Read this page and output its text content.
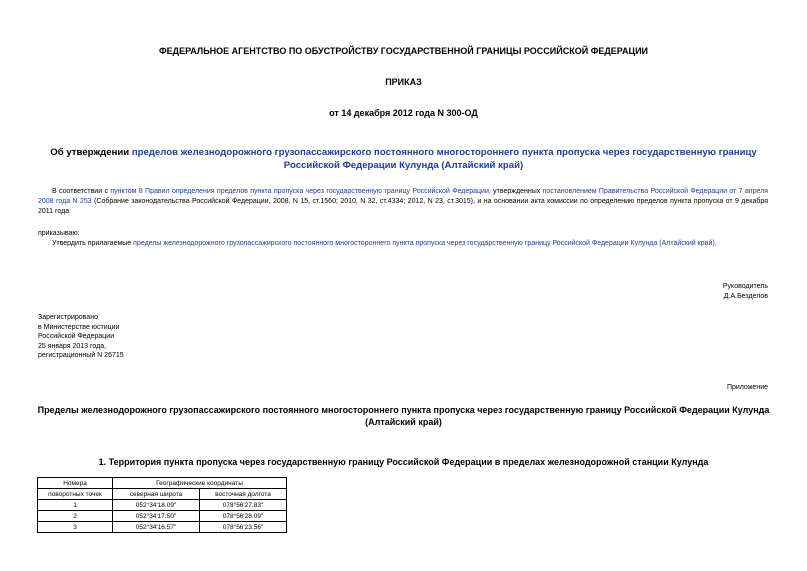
ФЕДЕРАЛЬНОЕ АГЕНТСТВО ПО ОБУСТРОЙСТВУ ГОСУДАРСТВЕННОЙ ГРАНИЦЫ РОССИЙСКОЙ ФЕДЕРАЦИИ
ПРИКАЗ
от 14 декабря 2012 года N 300-ОД
Об утверждении пределов железнодорожного грузопассажирского постоянного многостороннего пункта пропуска через государственную границу Российской Федерации Кулунда (Алтайский край)
В соответствии с пунктом 8 Правил определения пределов пункта пропуска через государственную границу Российской Федерации, утвержденных постановлением Правительства Российской Федерации от 7 апреля 2008 года N 253 (Собрание законодательства Российской Федерации, 2008, N 15, ст.1560; 2010, N 32, ст.4334; 2012, N 23, ст.3015), и на основании акта комиссии по определению пределов пункта пропуска от 9 декабря 2011 года
приказываю:
Утвердить прилагаемые пределы железнодорожного грузопассажирского постоянного многостороннего пункта пропуска через государственную границу Российской Федерации Кулунда (Алтайский край).
Руководитель
Д.А.Безделов
Зарегистрировано
в Министерстве юстиции
Российской Федерации
25 января 2013 года,
регистрационный N 26715
Приложение
Пределы железнодорожного грузопассажирского постоянного многостороннего пункта пропуска через государственную границу Российской Федерации Кулунда (Алтайский край)
1. Территория пункта пропуска через государственную границу Российской Федерации в пределах железнодорожной станции Кулунда
Номера	Географические координаты	
поворотных точек	северная широта	восточная долгота
1	052°34'18.09"	078°56'27.83"
2	052°34'17.50"	078°56'28.09"
3	052°34'16.57"	078°56'23.56"
